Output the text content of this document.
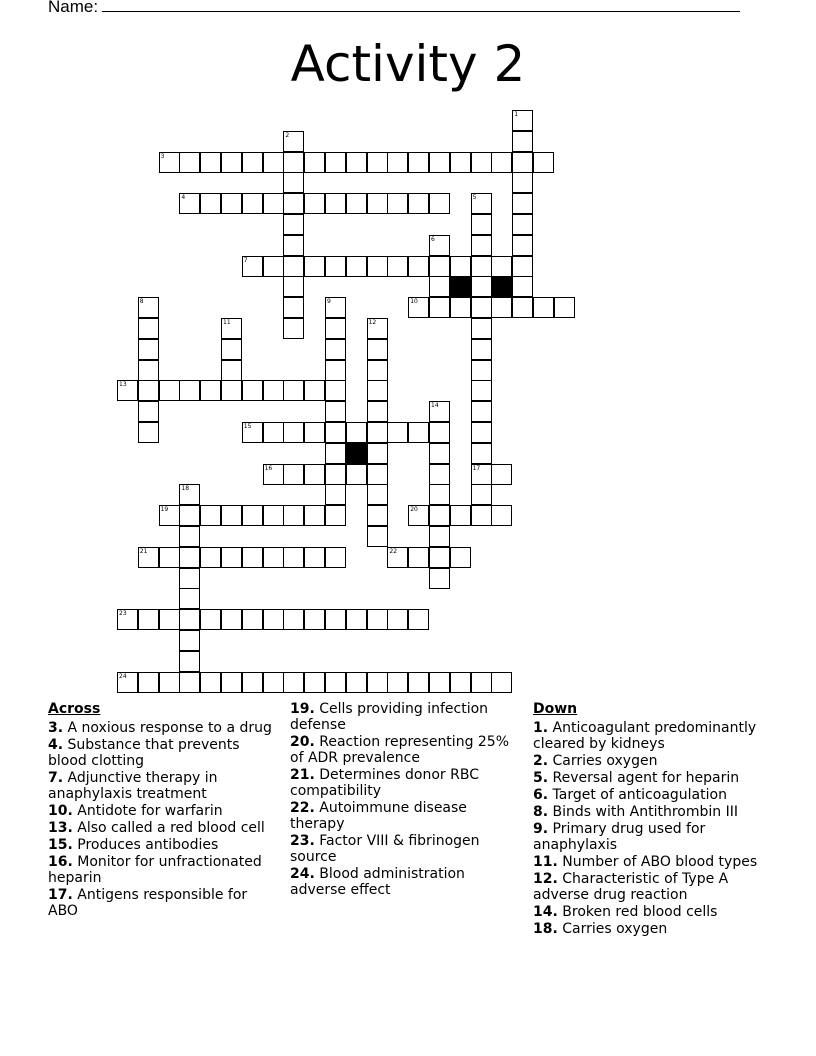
Name:
Activity 2
3
4
7
10
13
15
16	17
19	20
21	22
23
24
1
2
5
6
8	9
11	12
14
18
Across
3. A noxious response to a drug
4. Substance that prevents blood clotting
7. Adjunctive therapy in anaphylaxis treatment
10. Antidote for warfarin
13. Also called a red blood cell
15. Produces antibodies
16. Monitor for unfractionated heparin
17. Antigens responsible for ABO
19. Cells providing infection defense
20. Reaction representing 25% of ADR prevalence
21. Determines donor RBC compatibility
22. Autoimmune disease therapy
23. Factor VIII & fibrinogen source
24. Blood administration adverse effect
Down
1. Anticoagulant predominantly cleared by kidneys
2. Carries oxygen
5. Reversal agent for heparin
6. Target of anticoagulation
8. Binds with Antithrombin III
9. Primary drug used for anaphylaxis
11. Number of ABO blood types
12. Characteristic of Type A adverse drug reaction
14. Broken red blood cells
18. Carries oxygen
